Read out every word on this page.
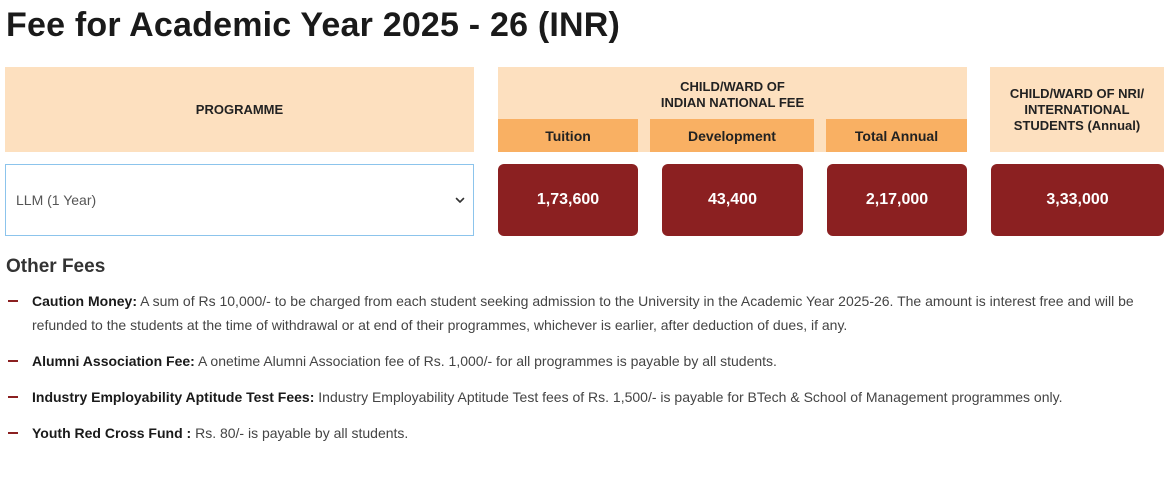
Fee for Academic Year 2025 - 26 (INR)
PROGRAMME
CHILD/WARD OF
INDIAN NATIONAL FEE
Tuition	Development	Total Annual
CHILD/WARD OF NRI/
INTERNATIONAL
STUDENTS (Annual)
LLM (1 Year)	1,73,600	43,400	2,17,000	3,33,000
Other Fees
Caution Money: A sum of Rs 10,000/- to be charged from each student seeking admission to the University in the Academic Year 2025-26. The amount is interest free and will be refunded to the students at the time of withdrawal or at end of their programmes, whichever is earlier, after deduction of dues, if any.
Alumni Association Fee: A onetime Alumni Association fee of Rs. 1,000/- for all programmes is payable by all students.
Industry Employability Aptitude Test Fees: Industry Employability Aptitude Test fees of Rs. 1,500/- is payable for BTech & School of Management programmes only.
Youth Red Cross Fund : Rs. 80/- is payable by all students.
